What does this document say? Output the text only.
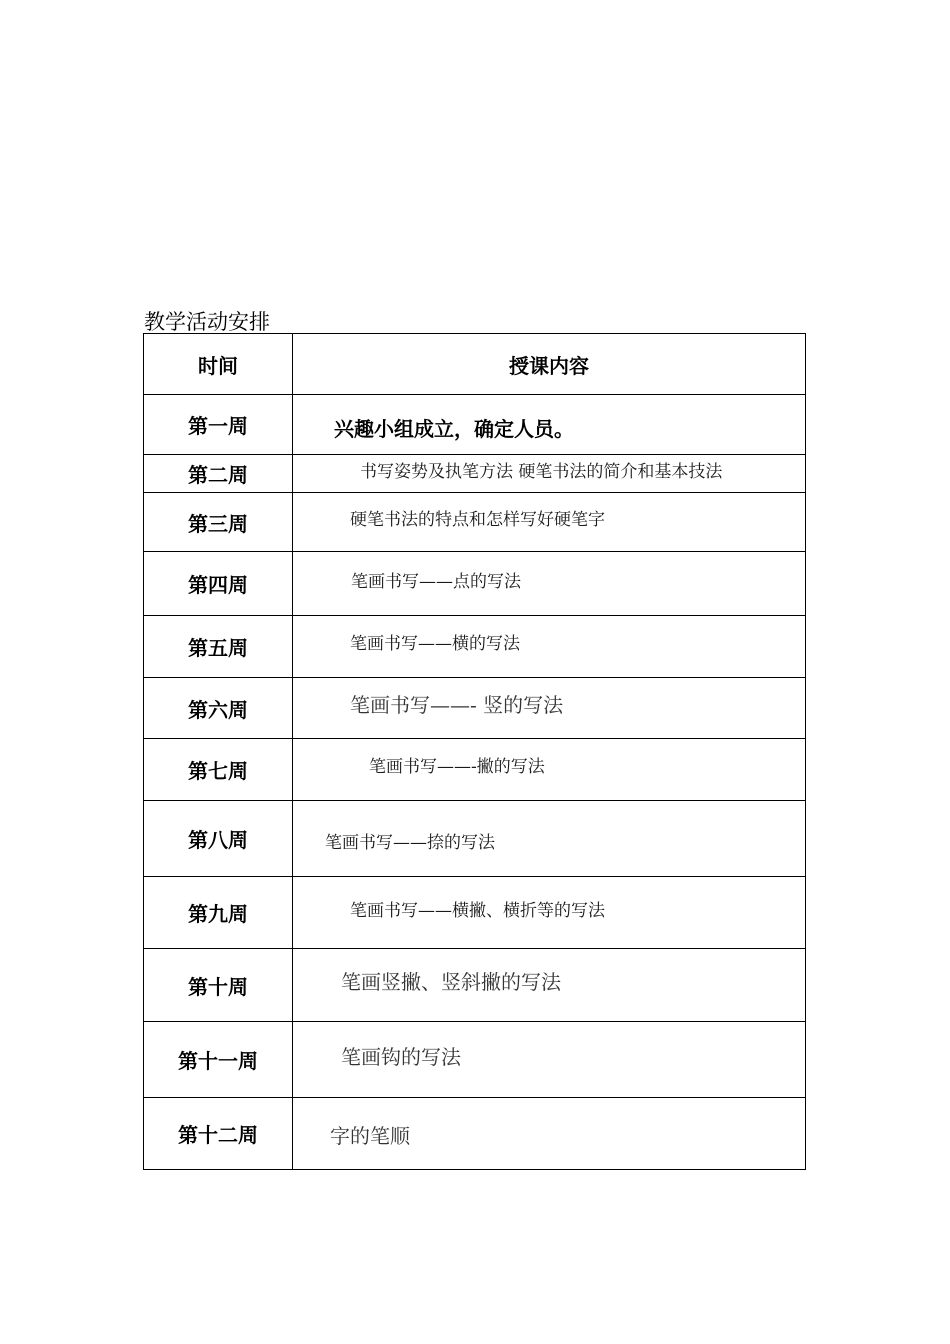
教学活动安排
时间	授课内容
第一周	兴趣小组成立，确定人员。

第二周	书写姿势及执笔方法 硬笔书法的简介和基本技法

第三周	硬笔书法的特点和怎样写好硬笔字

第四周	笔画书写——点的写法

第五周	笔画书写——横的写法

第六周	笔画书写——- 竖的写法

第七周	笔画书写——-撇的写法

第八周	笔画书写——捺的写法

第九周	笔画书写——横撇、横折等的写法

第十周	笔画竖撇、竖斜撇的写法

第十一周	笔画钩的写法

第十二周	字的笔顺
